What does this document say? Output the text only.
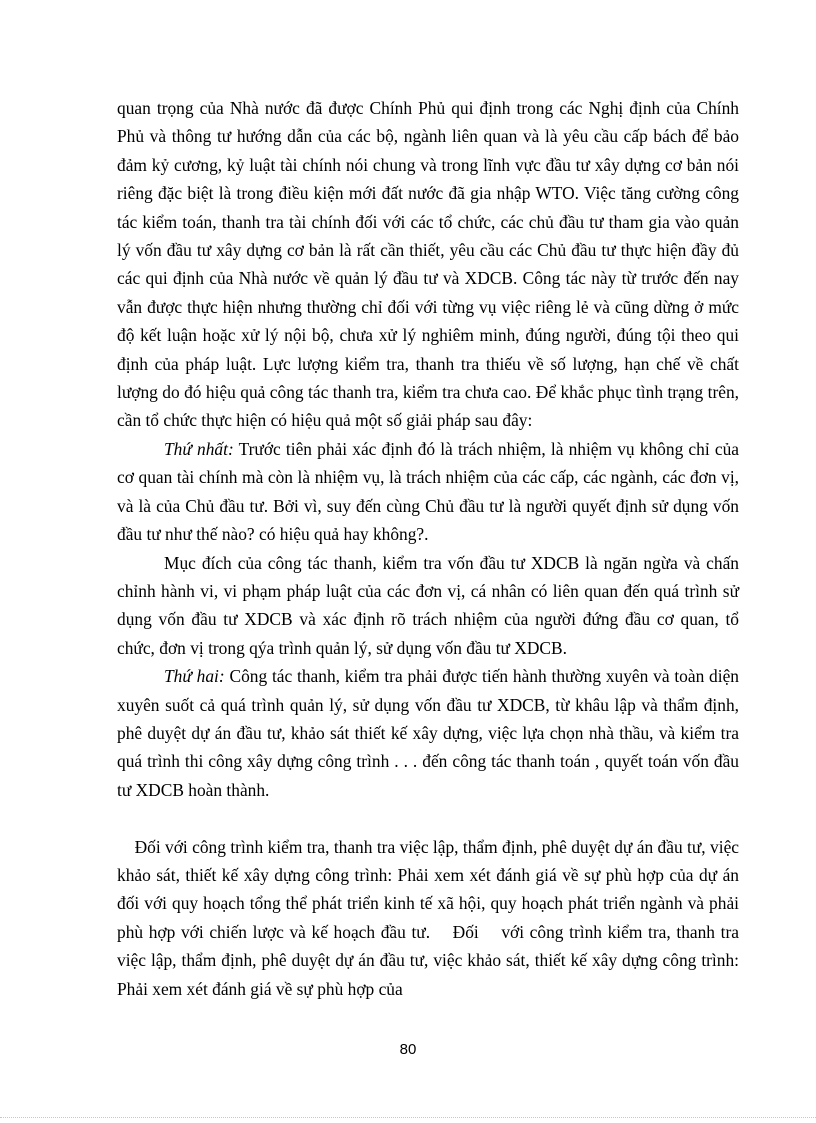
quan trọng của Nhà nước đã được Chính Phủ qui định trong các Nghị định của Chính Phủ và thông tư hướng dẫn của các bộ, ngành liên quan và là yêu cầu cấp bách để bảo đảm kỷ cương, kỷ luật tài chính nói chung và trong lĩnh vực đầu tư xây dựng cơ bản nói riêng đặc biệt là trong điều kiện mới đất nước đã gia nhập WTO. Việc tăng cường công tác kiểm toán, thanh tra tài chính đối với các tổ chức, các chủ đầu tư tham gia vào quản lý vốn đầu tư xây dựng cơ bản là rất cần thiết, yêu cầu các Chủ đầu tư thực hiện đầy đủ các qui định của Nhà nước về quản lý đầu tư và XDCB. Công tác này từ trước đến nay vẫn được thực hiện nhưng thường chỉ đối với từng vụ việc riêng lẻ và cũng dừng ở mức độ kết luận hoặc xử lý nội bộ, chưa xử lý nghiêm minh, đúng người, đúng tội theo qui định của pháp luật. Lực lượng kiểm tra, thanh tra thiếu về số lượng, hạn chế về chất lượng do đó hiệu quả công tác thanh tra, kiểm tra chưa cao. Để khắc phục tình trạng trên, cần tổ chức thực hiện có hiệu quả một số giải pháp sau đây:

Thứ nhất: Trước tiên phải xác định đó là trách nhiệm, là nhiệm vụ không chỉ của cơ quan tài chính mà còn là nhiệm vụ, là trách nhiệm của các cấp, các ngành, các đơn vị, và là của Chủ đầu tư. Bởi vì, suy đến cùng Chủ đầu tư là người quyết định sử dụng vốn đầu tư như thế nào? có hiệu quả hay không?.

Mục đích của công tác thanh, kiểm tra vốn đầu tư XDCB là ngăn ngừa và chấn chỉnh hành vi, vi phạm pháp luật của các đơn vị, cá nhân có liên quan đến quá trình sử dụng vốn đầu tư XDCB và xác định rõ trách nhiệm của người đứng đầu cơ quan, tổ chức, đơn vị trong qýa trình quản lý, sử dụng vốn đầu tư XDCB.

Thứ hai: Công tác thanh, kiểm tra phải được tiến hành thường xuyên và toàn diện xuyên suốt cả quá trình quản lý, sử dụng vốn đầu tư XDCB, từ khâu lập và thẩm định, phê duyệt dự án đầu tư, khảo sát thiết kế xây dựng, việc lựa chọn nhà thầu, và kiểm tra quá trình thi công xây dựng công trình . . . đến công tác thanh toán , quyết toán vốn đầu tư XDCB hoàn thành.

Đối với công trình kiểm tra, thanh tra việc lập, thẩm định, phê duyệt dự án đầu tư, việc khảo sát, thiết kế xây dựng công trình: Phải xem xét đánh giá về sự phù hợp của dự án đối với quy hoạch tổng thể phát triển kinh tế xã hội, quy hoạch phát triển ngành và phải phù hợp với chiến lược và kế hoạch đầu tư.    Đối    với công trình kiểm tra, thanh tra việc lập, thẩm định, phê duyệt dự án đầu tư, việc khảo sát, thiết kế xây dựng công trình: Phải xem xét đánh giá về sự phù hợp của

80
